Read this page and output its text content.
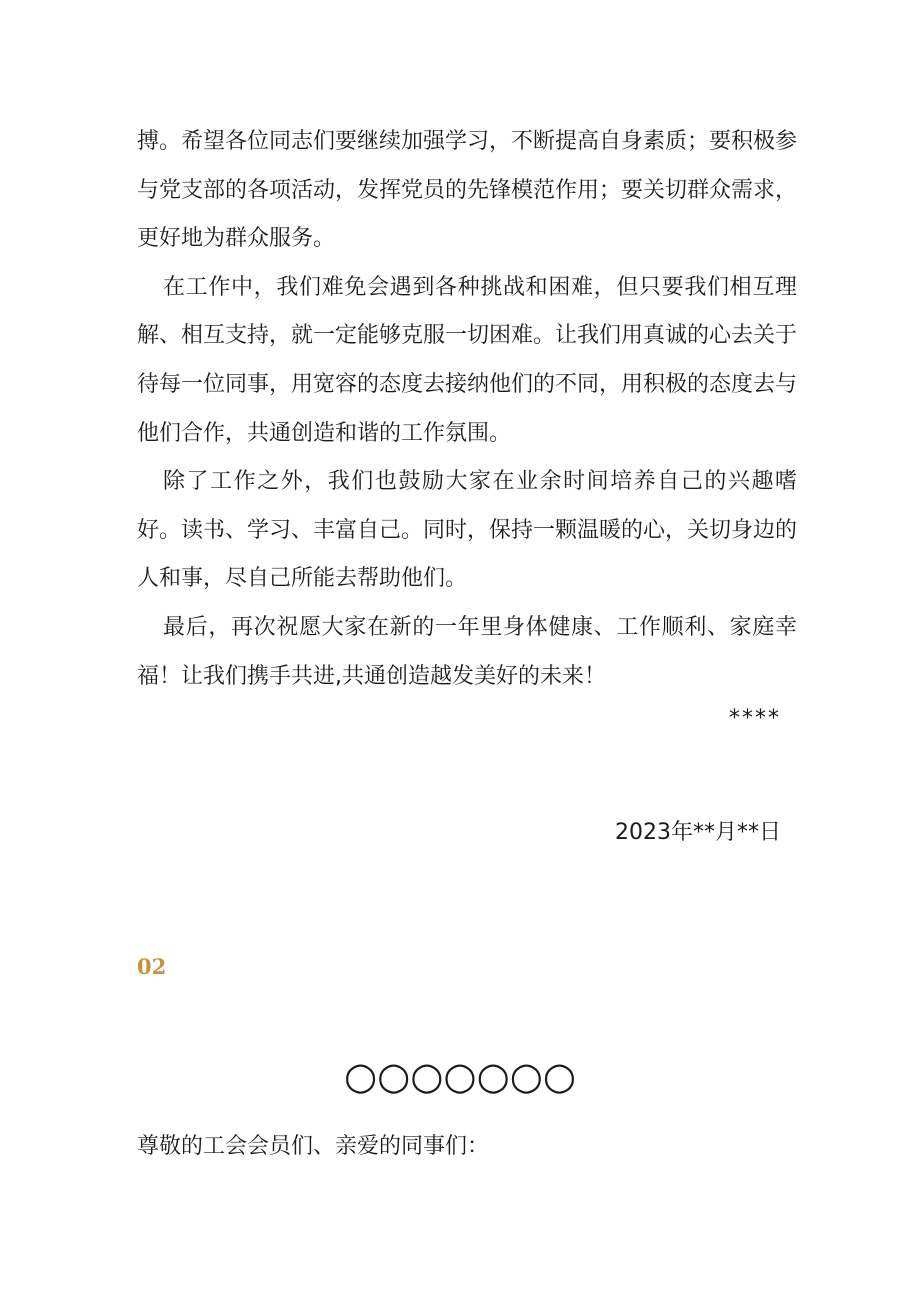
搏。希望各位同志们要继续加强学习，不断提高自身素质；要积极参与党支部的各项活动，发挥党员的先锋模范作用；要关切群众需求，更好地为群众服务。

在工作中，我们难免会遇到各种挑战和困难，但只要我们相互理解、相互支持，就一定能够克服一切困难。让我们用真诚的心去关于待每一位同事，用宽容的态度去接纳他们的不同，用积极的态度去与他们合作，共通创造和谐的工作氛围。

除了工作之外，我们也鼓励大家在业余时间培养自己的兴趣嗜好。读书、学习、丰富自己。同时，保持一颗温暖的心，关切身边的人和事，尽自己所能去帮助他们。

最后，再次祝愿大家在新的一年里身体健康、工作顺利、家庭幸福！让我们携手共进,共通创造越发美好的未来！

****
2023年**月**日
02
○○○○○○○
尊敬的工会会员们、亲爱的同事们：
